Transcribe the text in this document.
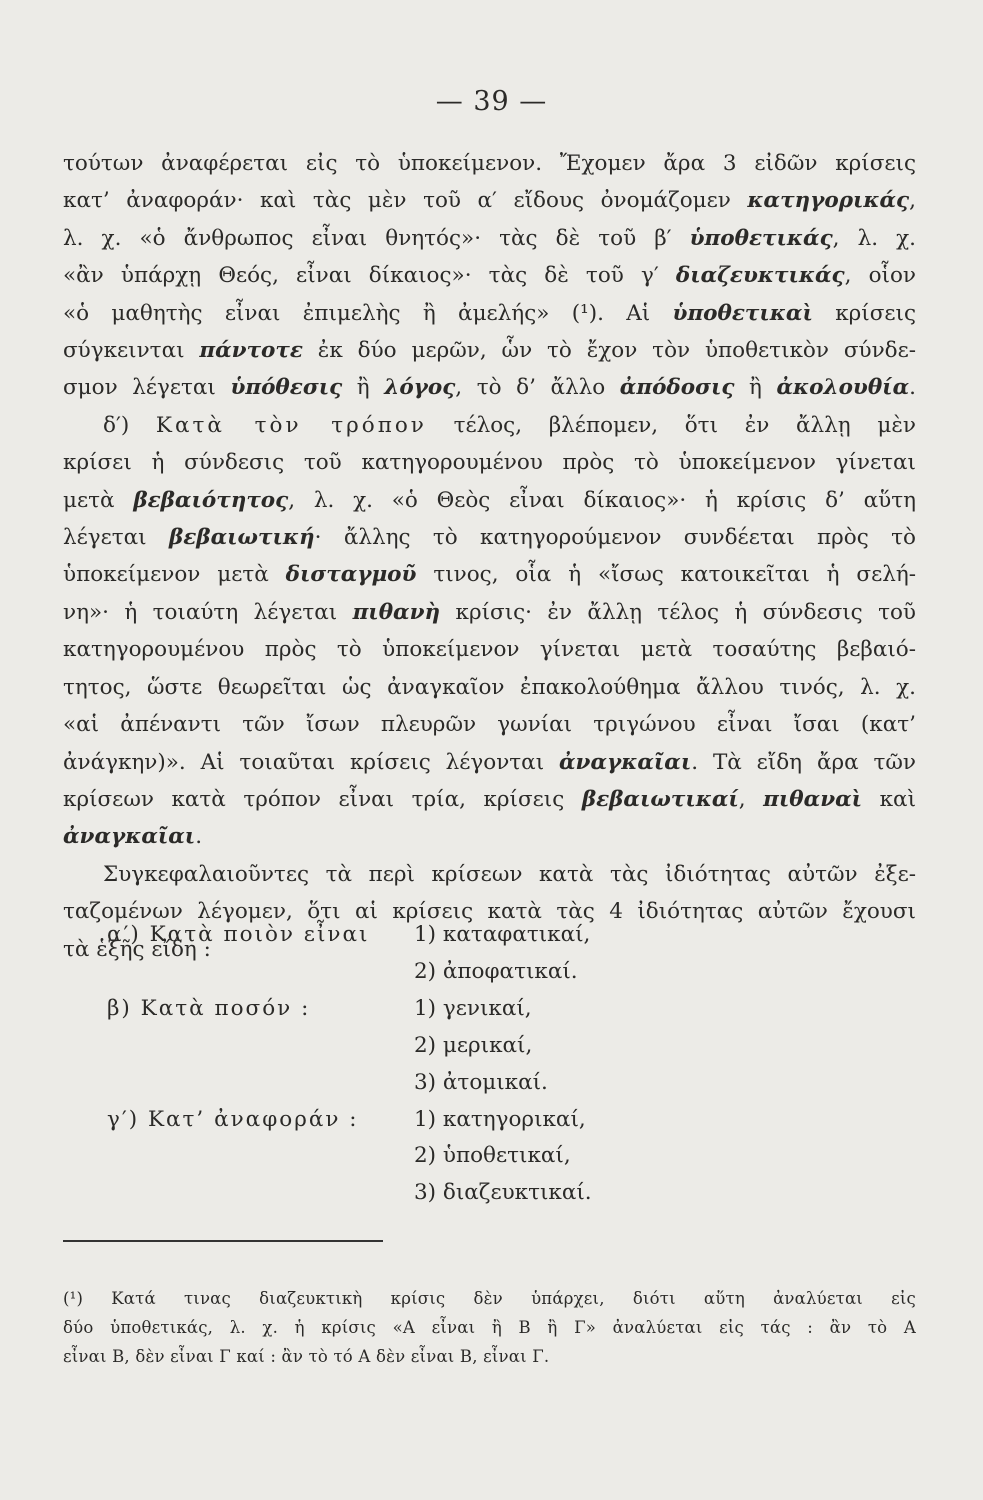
— 39 —

τούτων ἀναφέρεται εἰς τὸ ὑποκείμενον. Ἔχομεν ἄρα 3 εἰδῶν κρίσεις
κατ’ ἀναφοράν· καὶ τὰς μὲν τοῦ α′ εἴδους ὀνομάζομεν κατηγορικάς,
λ. χ. «ὁ ἄνθρωπος εἶναι θνητός»· τὰς δὲ τοῦ β′ ὑποθετικάς, λ. χ.
«ἂν ὑπάρχῃ Θεός, εἶναι δίκαιος»· τὰς δὲ τοῦ γ′ διαζευκτικάς, οἷον
«ὁ μαθητὴς εἶναι ἐπιμελὴς ἢ ἀμελής» (¹). Αἱ ὑποθετικαὶ κρίσεις
σύγκεινται πάντοτε ἐκ δύο μερῶν, ὧν τὸ ἔχον τὸν ὑποθετικὸν σύνδε-
σμον λέγεται ὑπόθεσις ἢ λόγος, τὸ δ’ ἄλλο ἀπόδοσις ἢ ἀκολουθία.

δ′) Κατὰ τὸν τρόπον τέλος, βλέπομεν, ὅτι ἐν ἄλλῃ μὲν
κρίσει ἡ σύνδεσις τοῦ κατηγορουμένου πρὸς τὸ ὑποκείμενον γίνεται
μετὰ βεβαιότητος, λ. χ. «ὁ Θεὸς εἶναι δίκαιος»· ἡ κρίσις δ’ αὕτη
λέγεται βεβαιωτική· ἄλλης τὸ κατηγορούμενον συνδέεται πρὸς τὸ
ὑποκείμενον μετὰ δισταγμοῦ τινος, οἷα ἡ «ἴσως κατοικεῖται ἡ σελή-
νη»· ἡ τοιαύτη λέγεται πιθανὴ κρίσις· ἐν ἄλλῃ τέλος ἡ σύνδεσις τοῦ
κατηγορουμένου πρὸς τὸ ὑποκείμενον γίνεται μετὰ τοσαύτης βεβαιό-
τητος, ὥστε θεωρεῖται ὡς ἀναγκαῖον ἐπακολούθημα ἄλλου τινός, λ. χ.
«αἱ ἀπέναντι τῶν ἴσων πλευρῶν γωνίαι τριγώνου εἶναι ἴσαι (κατ’
ἀνάγκην)». Αἱ τοιαῦται κρίσεις λέγονται ἀναγκαῖαι. Τὰ εἴδη ἄρα τῶν
κρίσεων κατὰ τρόπον εἶναι τρία, κρίσεις βεβαιωτικαί, πιθαναὶ καὶ
ἀναγκαῖαι.

Συγκεφαλαιοῦντες τὰ περὶ κρίσεων κατὰ τὰς ἰδιότητας αὐτῶν ἐξε-
ταζομένων λέγομεν, ὅτι αἱ κρίσεις κατὰ τὰς 4 ἰδιότητας αὐτῶν ἔχουσι
τὰ ἑξῆς εἴδη :

α′) Κατὰ ποιὸν εἶναι	1) καταφατικαί,
2) ἀποφατικαί.
β) Κατὰ ποσόν :	1) γενικαί,
2) μερικαί,
3) ἀτομικαί.
γ′) Κατ’ ἀναφοράν :	1) κατηγορικαί,
2) ὑποθετικαί,
3) διαζευκτικαί.
(¹) Κατά τινας διαζευκτικὴ κρίσις δὲν ὑπάρχει, διότι αὕτη ἀναλύεται εἰς
δύο ὑποθετικάς, λ. χ. ἡ κρίσις «Α εἶναι ἢ Β ἢ Γ» ἀναλύεται εἰς τάς : ἂν τὸ Α
εἶναι Β, δὲν εἶναι Γ καί : ἂν τὸ τό Α δὲν εἶναι Β, εἶναι Γ.
